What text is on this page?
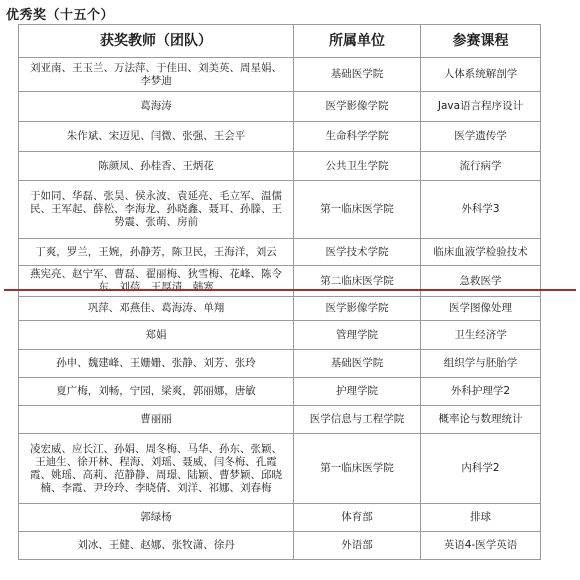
优秀奖（十五个）
获奖教师（团队）	所属单位	参赛课程
刘亚南、王玉兰、万法萍、于佳田、刘美英、周星娟、李梦迪	基础医学院	人体系统解剖学
葛海涛	医学影像学院	Java语言程序设计
朱作斌、宋迈见、闫微、张强、王会平	生命科学学院	医学遗传学
陈颜凤、孙桂香、王炳花	公共卫生学院	流行病学
于如同、华磊、张昊、侯永波、袁延亮、毛立军、温儒民、王军起、薛松、李海龙、孙晓鑫、聂耳、孙滕、王势震、张萌、房前	第一临床医学院	外科学3
丁爽，罗兰，王婉，孙静芳，陈卫民，王海洋，刘云	医学技术学院	临床血液学检验技术
燕宪亮、赵宁军、曹磊、翟丽梅、狄雪梅、花峰、陈令东、刘蓓、王厚清、韩寒	第二临床医学院	急救医学
巩萍、邓燕佳、葛海涛、单翔	医学影像学院	医学图像处理
郑娟	管理学院	卫生经济学
孙申、魏建峰、王姗姗、张静、刘芳、张玲	基础医学院	组织学与胚胎学
夏广梅，刘畅，宁园，梁爽，郭丽娜，唐敏	护理学院	外科护理学2
曹丽丽	医学信息与工程学院	概率论与数理统计
凌宏威、应长江、孙娟、周冬梅、马华、孙东、张颖、王迪生、徐开林、程海、刘瑶、聂威、闫冬梅、孔霞霞、姚瑶、高莉、范静静、周璟、陆颖、曹梦颖、邱晓楠、李霞、尹玲玲、李晓倩、刘洋、祁娜、刘春梅	第一临床医学院	内科学2
郭绿杨	体育部	排球
刘冰、王健、赵娜、张牧潇、徐丹	外语部	英语4-医学英语
